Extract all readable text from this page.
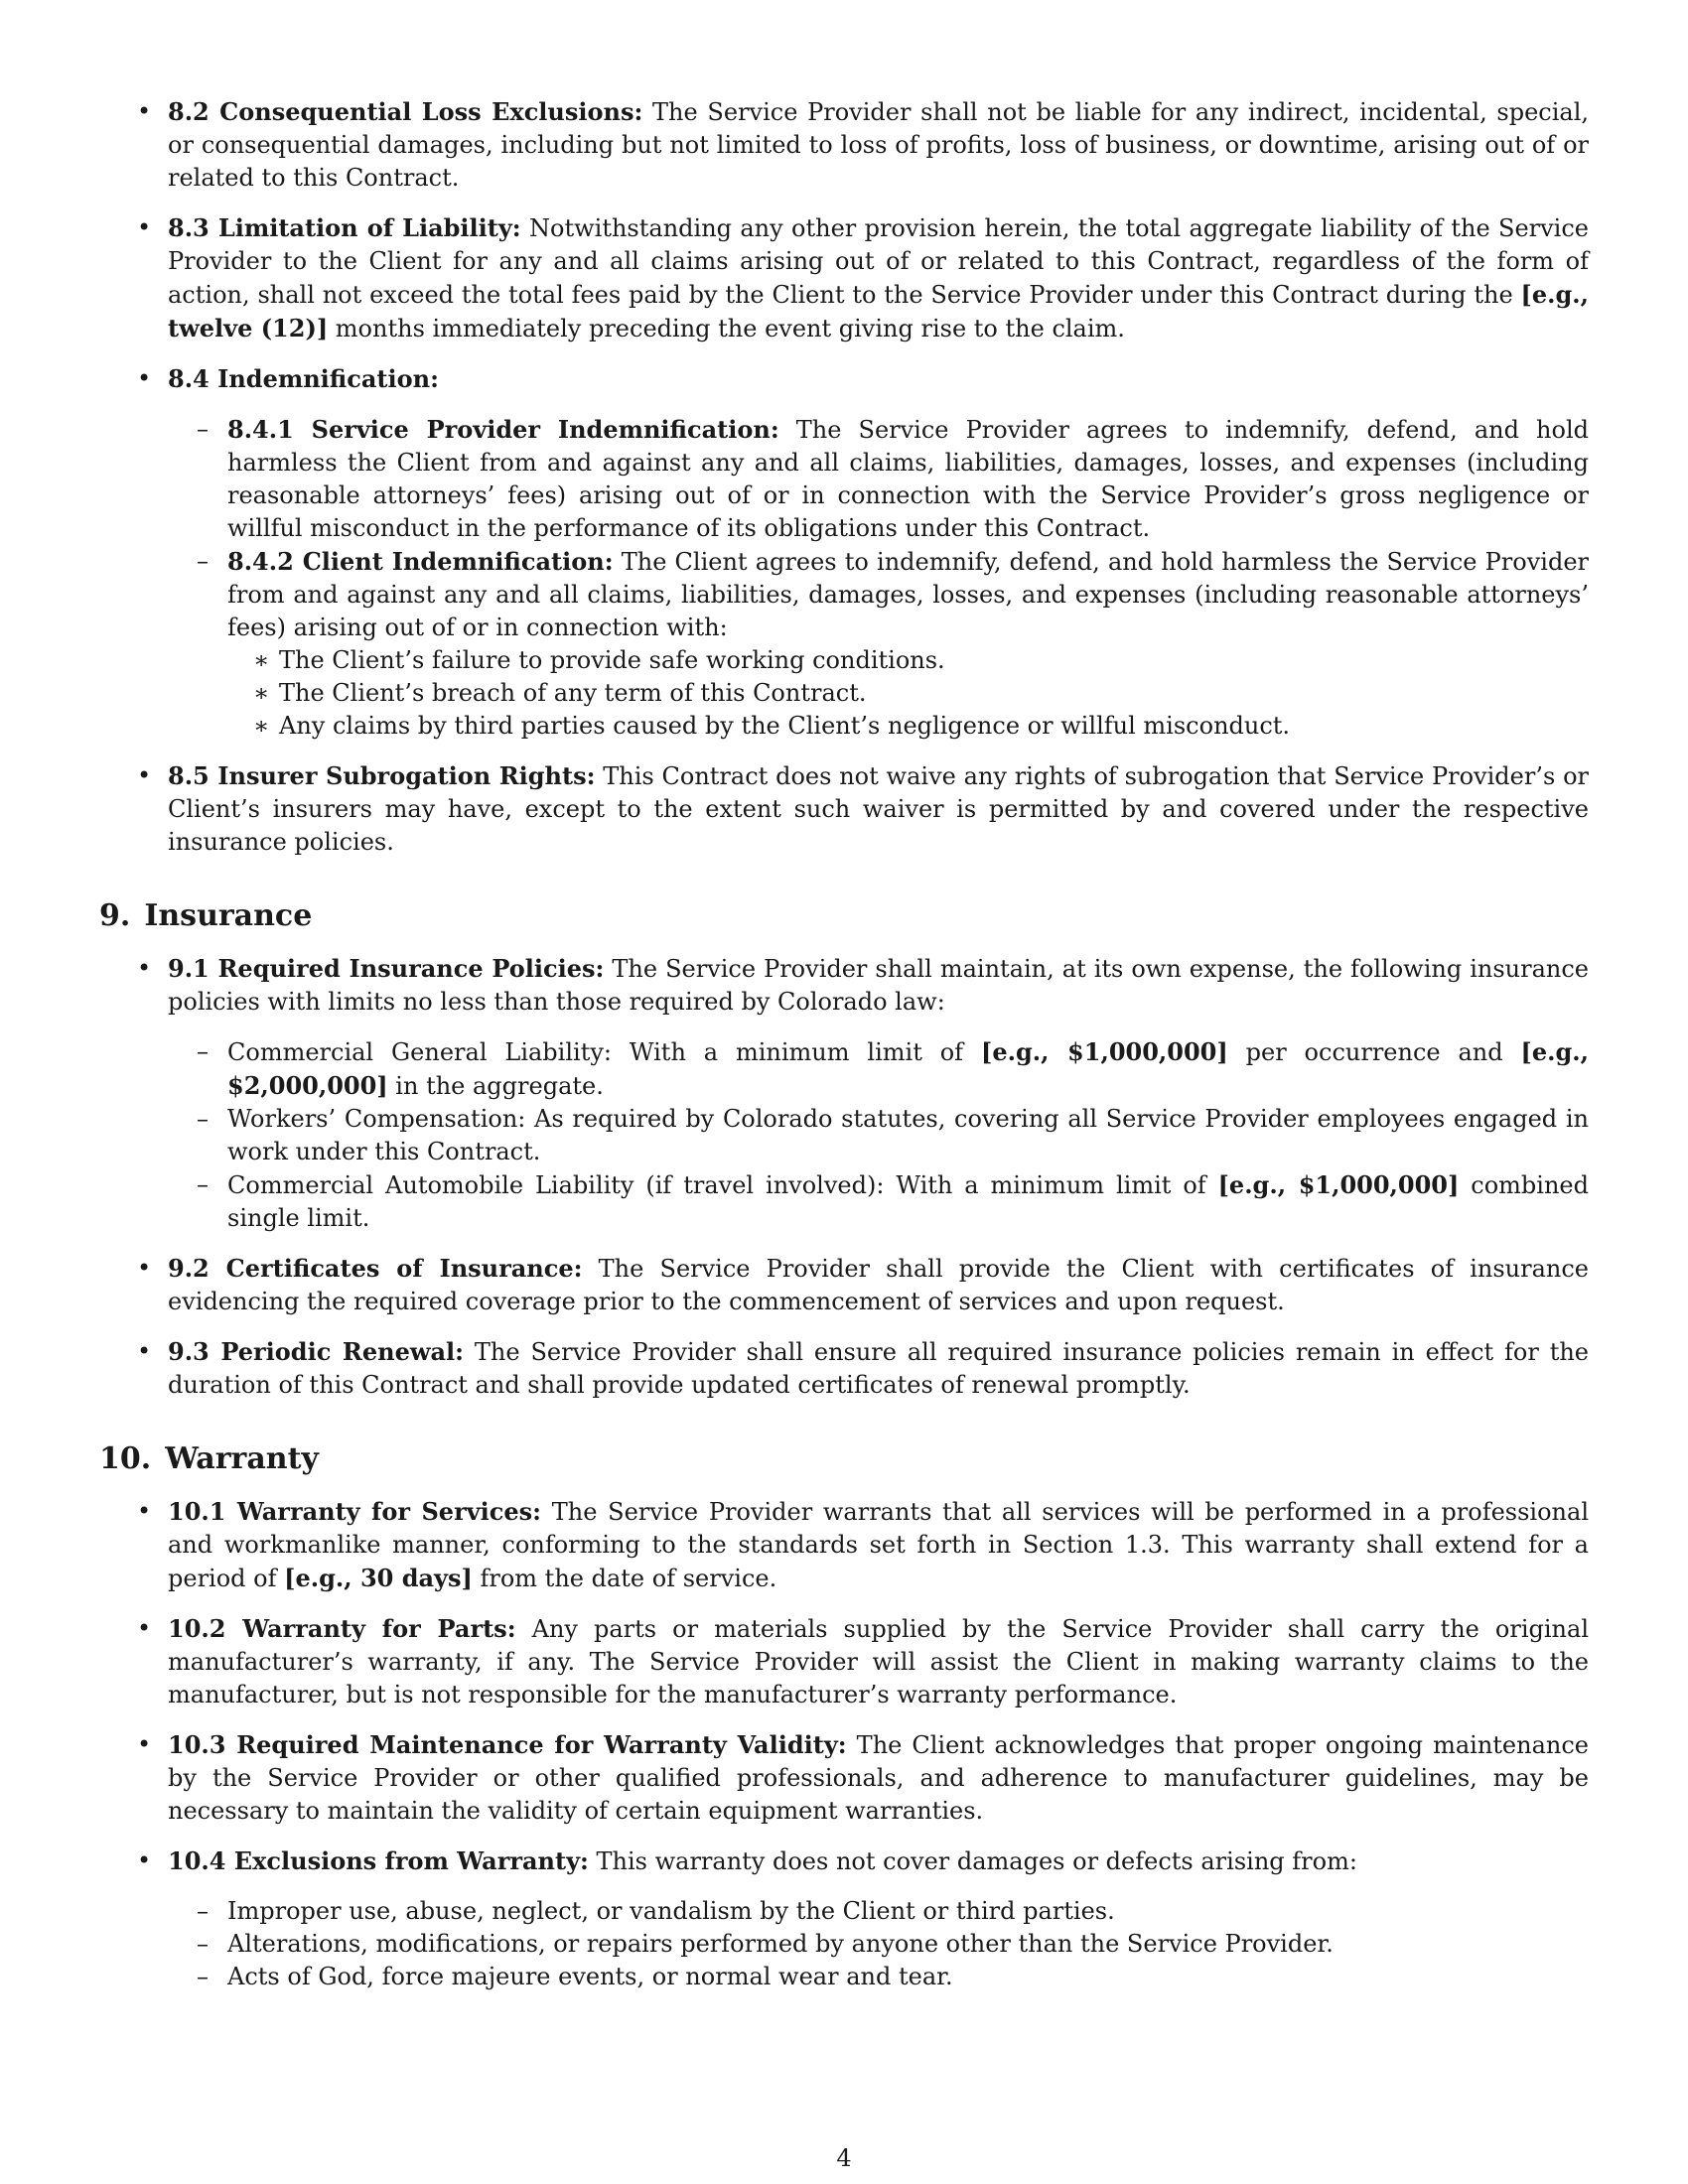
• 8.2 Consequential Loss Exclusions: The Service Provider shall not be liable for any indirect, incidental, special, or consequential damages, including but not limited to loss of profits, loss of business, or downtime, arising out of or related to this Contract.
• 8.3 Limitation of Liability: Notwithstanding any other provision herein, the total aggregate liability of the Service Provider to the Client for any and all claims arising out of or related to this Contract, regardless of the form of action, shall not exceed the total fees paid by the Client to the Service Provider under this Contract during the [e.g., twelve (12)] months immediately preceding the event giving rise to the claim.
• 8.4 Indemnification:
– 8.4.1 Service Provider Indemnification: The Service Provider agrees to indemnify, defend, and hold harmless the Client from and against any and all claims, liabilities, damages, losses, and expenses (including reasonable attorneys’ fees) arising out of or in connection with the Service Provider’s gross negligence or willful misconduct in the performance of its obligations under this Contract.
– 8.4.2 Client Indemnification: The Client agrees to indemnify, defend, and hold harmless the Service Provider from and against any and all claims, liabilities, damages, losses, and expenses (including reasonable attorneys’ fees) arising out of or in connection with:
∗ The Client’s failure to provide safe working conditions.
∗ The Client’s breach of any term of this Contract.
∗ Any claims by third parties caused by the Client’s negligence or willful misconduct.
• 8.5 Insurer Subrogation Rights: This Contract does not waive any rights of subrogation that Service Provider’s or Client’s insurers may have, except to the extent such waiver is permitted by and covered under the respective insurance policies.
9. Insurance
• 9.1 Required Insurance Policies: The Service Provider shall maintain, at its own expense, the following insurance policies with limits no less than those required by Colorado law:
– Commercial General Liability: With a minimum limit of [e.g., $1,000,000] per occurrence and [e.g., $2,000,000] in the aggregate.
– Workers’ Compensation: As required by Colorado statutes, covering all Service Provider employees engaged in work under this Contract.
– Commercial Automobile Liability (if travel involved): With a minimum limit of [e.g., $1,000,000] combined single limit.
• 9.2 Certificates of Insurance: The Service Provider shall provide the Client with certificates of insurance evidencing the required coverage prior to the commencement of services and upon request.
• 9.3 Periodic Renewal: The Service Provider shall ensure all required insurance policies remain in effect for the duration of this Contract and shall provide updated certificates of renewal promptly.
10. Warranty
• 10.1 Warranty for Services: The Service Provider warrants that all services will be performed in a professional and workmanlike manner, conforming to the standards set forth in Section 1.3. This warranty shall extend for a period of [e.g., 30 days] from the date of service.
• 10.2 Warranty for Parts: Any parts or materials supplied by the Service Provider shall carry the original manufacturer’s warranty, if any. The Service Provider will assist the Client in making warranty claims to the manufacturer, but is not responsible for the manufacturer’s warranty performance.
• 10.3 Required Maintenance for Warranty Validity: The Client acknowledges that proper ongoing maintenance by the Service Provider or other qualified professionals, and adherence to manufacturer guidelines, may be necessary to maintain the validity of certain equipment warranties.
• 10.4 Exclusions from Warranty: This warranty does not cover damages or defects arising from:
– Improper use, abuse, neglect, or vandalism by the Client or third parties.
– Alterations, modifications, or repairs performed by anyone other than the Service Provider.
– Acts of God, force majeure events, or normal wear and tear.
4
